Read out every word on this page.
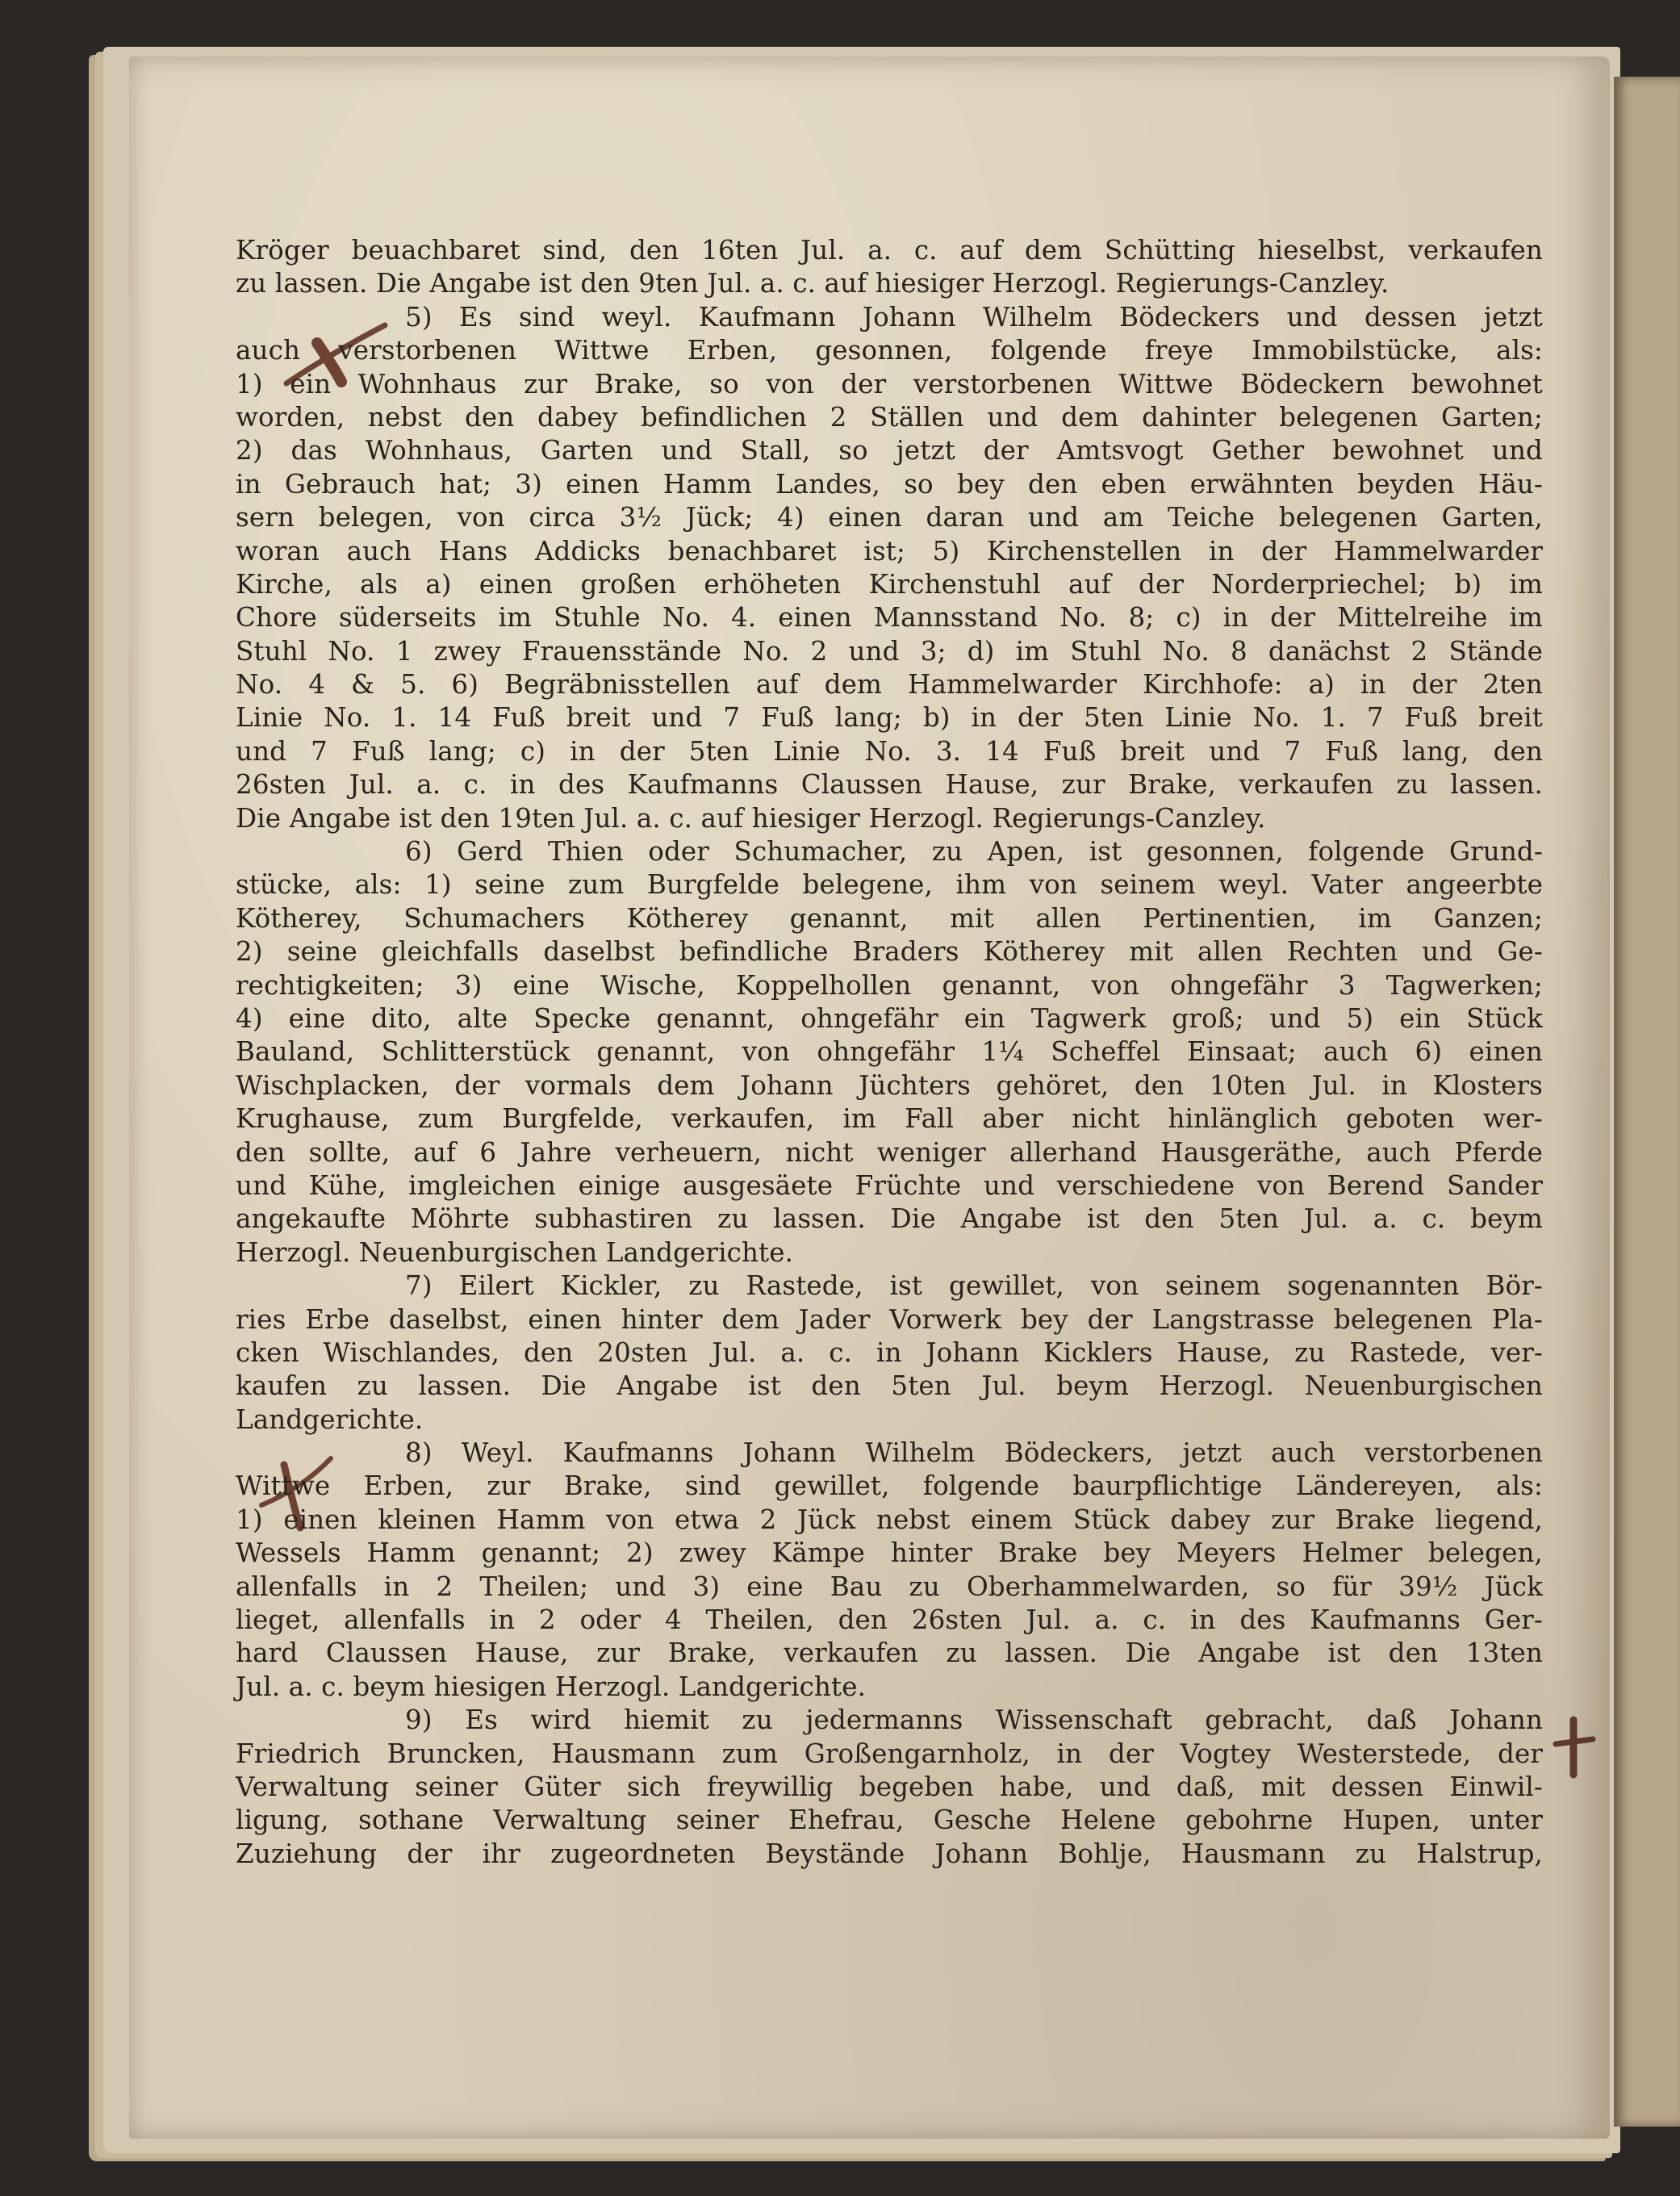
Kröger beuachbaret sind, den 16ten Jul. a. c. auf dem Schütting hieselbst, verkaufen
zu lassen. Die Angabe ist den 9ten Jul. a. c. auf hiesiger Herzogl. Regierungs-Canzley.
5) Es sind weyl. Kaufmann Johann Wilhelm Bödeckers und dessen jetzt
auch verstorbenen Wittwe Erben, gesonnen, folgende freye Immobilstücke, als:
1) ein Wohnhaus zur Brake, so von der verstorbenen Wittwe Bödeckern bewohnet
worden, nebst den dabey befindlichen 2 Ställen und dem dahinter belegenen Garten;
2) das Wohnhaus, Garten und Stall, so jetzt der Amtsvogt Gether bewohnet und
in Gebrauch hat; 3) einen Hamm Landes, so bey den eben erwähnten beyden Häu-
sern belegen, von circa 3½ Jück; 4) einen daran und am Teiche belegenen Garten,
woran auch Hans Addicks benachbaret ist; 5) Kirchenstellen in der Hammelwarder
Kirche, als a) einen großen erhöheten Kirchenstuhl auf der Norderpriechel; b) im
Chore süderseits im Stuhle No. 4. einen Mannsstand No. 8; c) in der Mittelreihe im
Stuhl No. 1 zwey Frauensstände No. 2 und 3; d) im Stuhl No. 8 danächst 2 Stände
No. 4 & 5. 6) Begräbnisstellen auf dem Hammelwarder Kirchhofe: a) in der 2ten
Linie No. 1. 14 Fuß breit und 7 Fuß lang; b) in der 5ten Linie No. 1. 7 Fuß breit
und 7 Fuß lang; c) in der 5ten Linie No. 3. 14 Fuß breit und 7 Fuß lang, den
26sten Jul. a. c. in des Kaufmanns Claussen Hause, zur Brake, verkaufen zu lassen.
Die Angabe ist den 19ten Jul. a. c. auf hiesiger Herzogl. Regierungs-Canzley.
6) Gerd Thien oder Schumacher, zu Apen, ist gesonnen, folgende Grund-
stücke, als: 1) seine zum Burgfelde belegene, ihm von seinem weyl. Vater angeerbte
Kötherey, Schumachers Kötherey genannt, mit allen Pertinentien, im Ganzen;
2) seine gleichfalls daselbst befindliche Braders Kötherey mit allen Rechten und Ge-
rechtigkeiten; 3) eine Wische, Koppelhollen genannt, von ohngefähr 3 Tagwerken;
4) eine dito, alte Specke genannt, ohngefähr ein Tagwerk groß; und 5) ein Stück
Bauland, Schlitterstück genannt, von ohngefähr 1¼ Scheffel Einsaat; auch 6) einen
Wischplacken, der vormals dem Johann Jüchters gehöret, den 10ten Jul. in Klosters
Krughause, zum Burgfelde, verkaufen, im Fall aber nicht hinlänglich geboten wer-
den sollte, auf 6 Jahre verheuern, nicht weniger allerhand Hausgeräthe, auch Pferde
und Kühe, imgleichen einige ausgesäete Früchte und verschiedene von Berend Sander
angekaufte Möhrte subhastiren zu lassen. Die Angabe ist den 5ten Jul. a. c. beym
Herzogl. Neuenburgischen Landgerichte.
7) Eilert Kickler, zu Rastede, ist gewillet, von seinem sogenannten Bör-
ries Erbe daselbst, einen hinter dem Jader Vorwerk bey der Langstrasse belegenen Pla-
cken Wischlandes, den 20sten Jul. a. c. in Johann Kicklers Hause, zu Rastede, ver-
kaufen zu lassen. Die Angabe ist den 5ten Jul. beym Herzogl. Neuenburgischen
Landgerichte.
8) Weyl. Kaufmanns Johann Wilhelm Bödeckers, jetzt auch verstorbenen
Wittwe Erben, zur Brake, sind gewillet, folgende baurpflichtige Ländereyen, als:
1) einen kleinen Hamm von etwa 2 Jück nebst einem Stück dabey zur Brake liegend,
Wessels Hamm genannt; 2) zwey Kämpe hinter Brake bey Meyers Helmer belegen,
allenfalls in 2 Theilen; und 3) eine Bau zu Oberhammelwarden, so für 39½ Jück
lieget, allenfalls in 2 oder 4 Theilen, den 26sten Jul. a. c. in des Kaufmanns Ger-
hard Claussen Hause, zur Brake, verkaufen zu lassen. Die Angabe ist den 13ten
Jul. a. c. beym hiesigen Herzogl. Landgerichte.
9) Es wird hiemit zu jedermanns Wissenschaft gebracht, daß Johann
Friedrich Bruncken, Hausmann zum Großengarnholz, in der Vogtey Westerstede, der
Verwaltung seiner Güter sich freywillig begeben habe, und daß, mit dessen Einwil-
ligung, sothane Verwaltung seiner Ehefrau, Gesche Helene gebohrne Hupen, unter
Zuziehung der ihr zugeordneten Beystände Johann Bohlje, Hausmann zu Halstrup,
